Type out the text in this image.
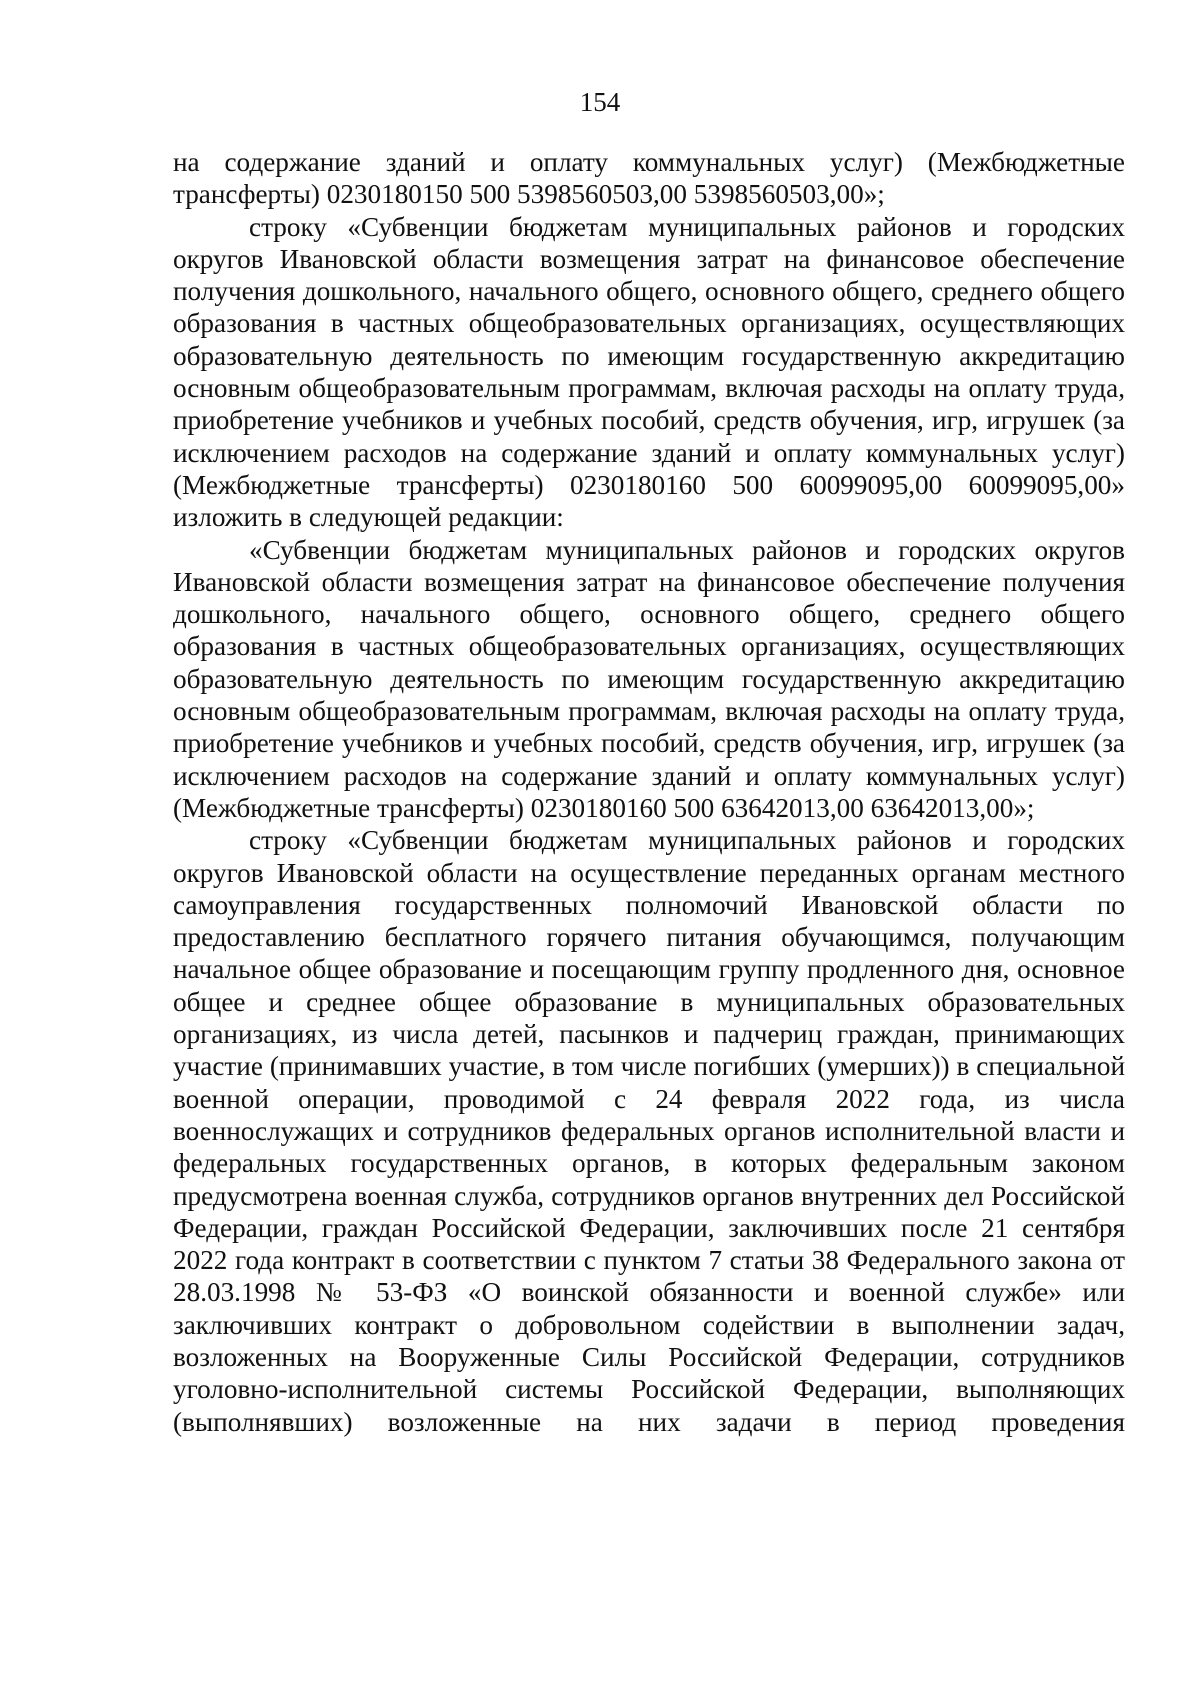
154

на содержание зданий и оплату коммунальных услуг) (Межбюджетные трансферты) 0230180150 500 5398560503,00 5398560503,00»;

строку «Субвенции бюджетам муниципальных районов и городских округов Ивановской области возмещения затрат на финансовое обеспечение получения дошкольного, начального общего, основного общего, среднего общего образования в частных общеобразовательных организациях, осуществляющих образовательную деятельность по имеющим государственную аккредитацию основным общеобразовательным программам, включая расходы на оплату труда, приобретение учебников и учебных пособий, средств обучения, игр, игрушек (за исключением расходов на содержание зданий и оплату коммунальных услуг) (Межбюджетные трансферты) 0230180160 500 60099095,00 60099095,00» изложить в следующей редакции:

«Субвенции бюджетам муниципальных районов и городских округов Ивановской области возмещения затрат на финансовое обеспечение получения дошкольного, начального общего, основного общего, среднего общего образования в частных общеобразовательных организациях, осуществляющих образовательную деятельность по имеющим государственную аккредитацию основным общеобразовательным программам, включая расходы на оплату труда, приобретение учебников и учебных пособий, средств обучения, игр, игрушек (за исключением расходов на содержание зданий и оплату коммунальных услуг) (Межбюджетные трансферты) 0230180160 500 63642013,00 63642013,00»;

строку «Субвенции бюджетам муниципальных районов и городских округов Ивановской области на осуществление переданных органам местного самоуправления государственных полномочий Ивановской области по предоставлению бесплатного горячего питания обучающимся, получающим начальное общее образование и посещающим группу продленного дня, основное общее и среднее общее образование в муниципальных образовательных организациях, из числа детей, пасынков и падчериц граждан, принимающих участие (принимавших участие, в том числе погибших (умерших)) в специальной военной операции, проводимой с 24 февраля 2022 года, из числа военнослужащих и сотрудников федеральных органов исполнительной власти и федеральных государственных органов, в которых федеральным законом предусмотрена военная служба, сотрудников органов внутренних дел Российской Федерации, граждан Российской Федерации, заключивших после 21 сентября 2022 года контракт в соответствии с пунктом 7 статьи 38 Федерального закона от 28.03.1998 № 53-ФЗ «О воинской обязанности и военной службе» или заключивших контракт о добровольном содействии в выполнении задач, возложенных на Вооруженные Силы Российской Федерации, сотрудников уголовно-исполнительной системы Российской Федерации, выполняющих (выполнявших) возложенные на них задачи в период проведения
